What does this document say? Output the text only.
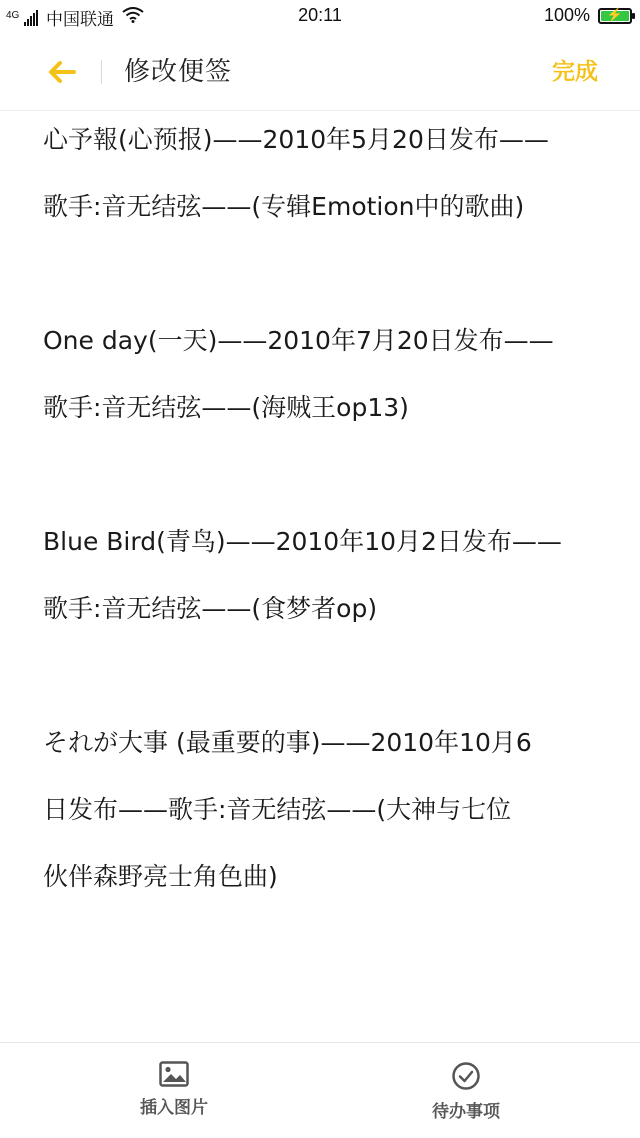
4G 中国联通	20:11	100%	⚡
修改便签	完成
心予報(心预报)——2010年5月20日发布——
歌手:音无结弦——(专辑Emotion中的歌曲)
One day(一天)——2010年7月20日发布——
歌手:音无结弦——(海贼王op13)
Blue Bird(青鸟)——2010年10月2日发布——
歌手:音无结弦——(食梦者op)
それが大事 (最重要的事)——2010年10月6
日发布——歌手:音无结弦——(大神与七位
伙伴森野亮士角色曲)
插入图片	待办事项
